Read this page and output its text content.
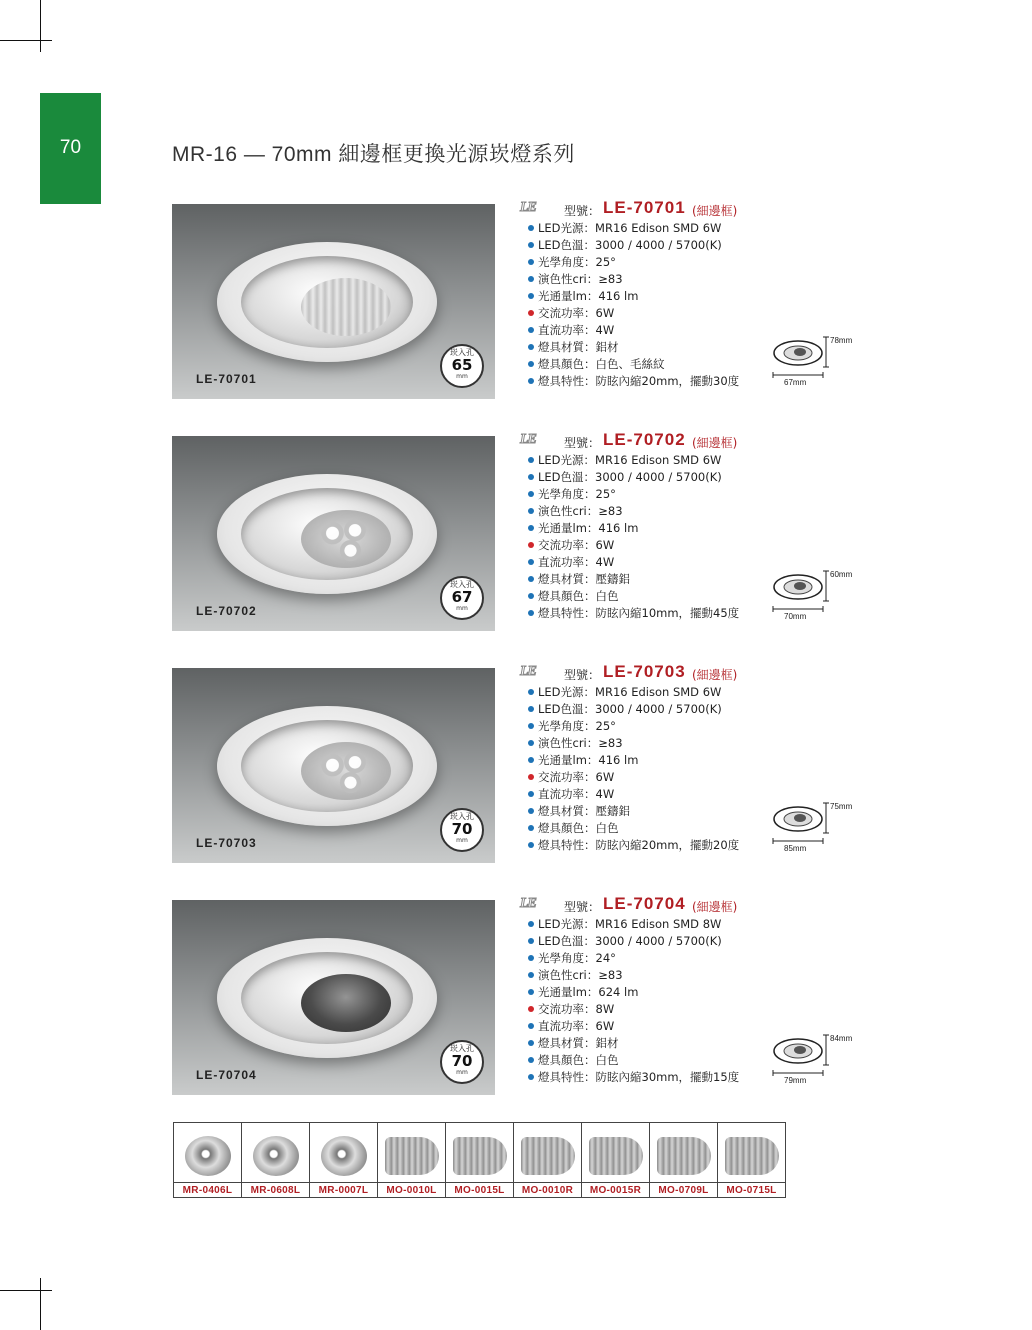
70	MR-16 — 70mm 細邊框更換光源崁燈系列
LE-70701
崁入孔
65
mm
LE 型號： LE-70701 (細邊框)
LED光源：MR16 Edison SMD 6W
LED色溫：3000 / 4000 / 5700(K)
光學角度：25°
演色性cri：≥83
光通量lm：416 lm
交流功率：6W
直流功率：4W
燈具材質：鋁材
燈具顏色：白色、毛絲紋
燈具特性：防眩內縮20mm，擺動30度
LE-70702
崁入孔
67
mm
LE 型號： LE-70702 (細邊框)
LED光源：MR16 Edison SMD 6W
LED色溫：3000 / 4000 / 5700(K)
光學角度：25°
演色性cri：≥83
光通量lm：416 lm
交流功率：6W
直流功率：4W
燈具材質：壓鑄鋁
燈具顏色：白色
燈具特性：防眩內縮10mm，擺動45度
LE-70703
崁入孔
70
mm
LE 型號： LE-70703 (細邊框)
LED光源：MR16 Edison SMD 6W
LED色溫：3000 / 4000 / 5700(K)
光學角度：25°
演色性cri：≥83
光通量lm：416 lm
交流功率：6W
直流功率：4W
燈具材質：壓鑄鋁
燈具顏色：白色
燈具特性：防眩內縮20mm，擺動20度
LE-70704
崁入孔
70
mm
LE 型號： LE-70704 (細邊框)
LED光源：MR16 Edison SMD 8W
LED色溫：3000 / 4000 / 5700(K)
光學角度：24°
演色性cri：≥83
光通量lm：624 lm
交流功率：8W
直流功率：6W
燈具材質：鋁材
燈具顏色：白色
燈具特性：防眩內縮30mm，擺動15度

MR-0406L	MR-0608L	MR-0007L	MO-0010L	MO-0015L	MO-0010R	MO-0015R	MO-0709L	MO-0715L
78mm
67mm
60mm
70mm
75mm
85mm
84mm
79mm
